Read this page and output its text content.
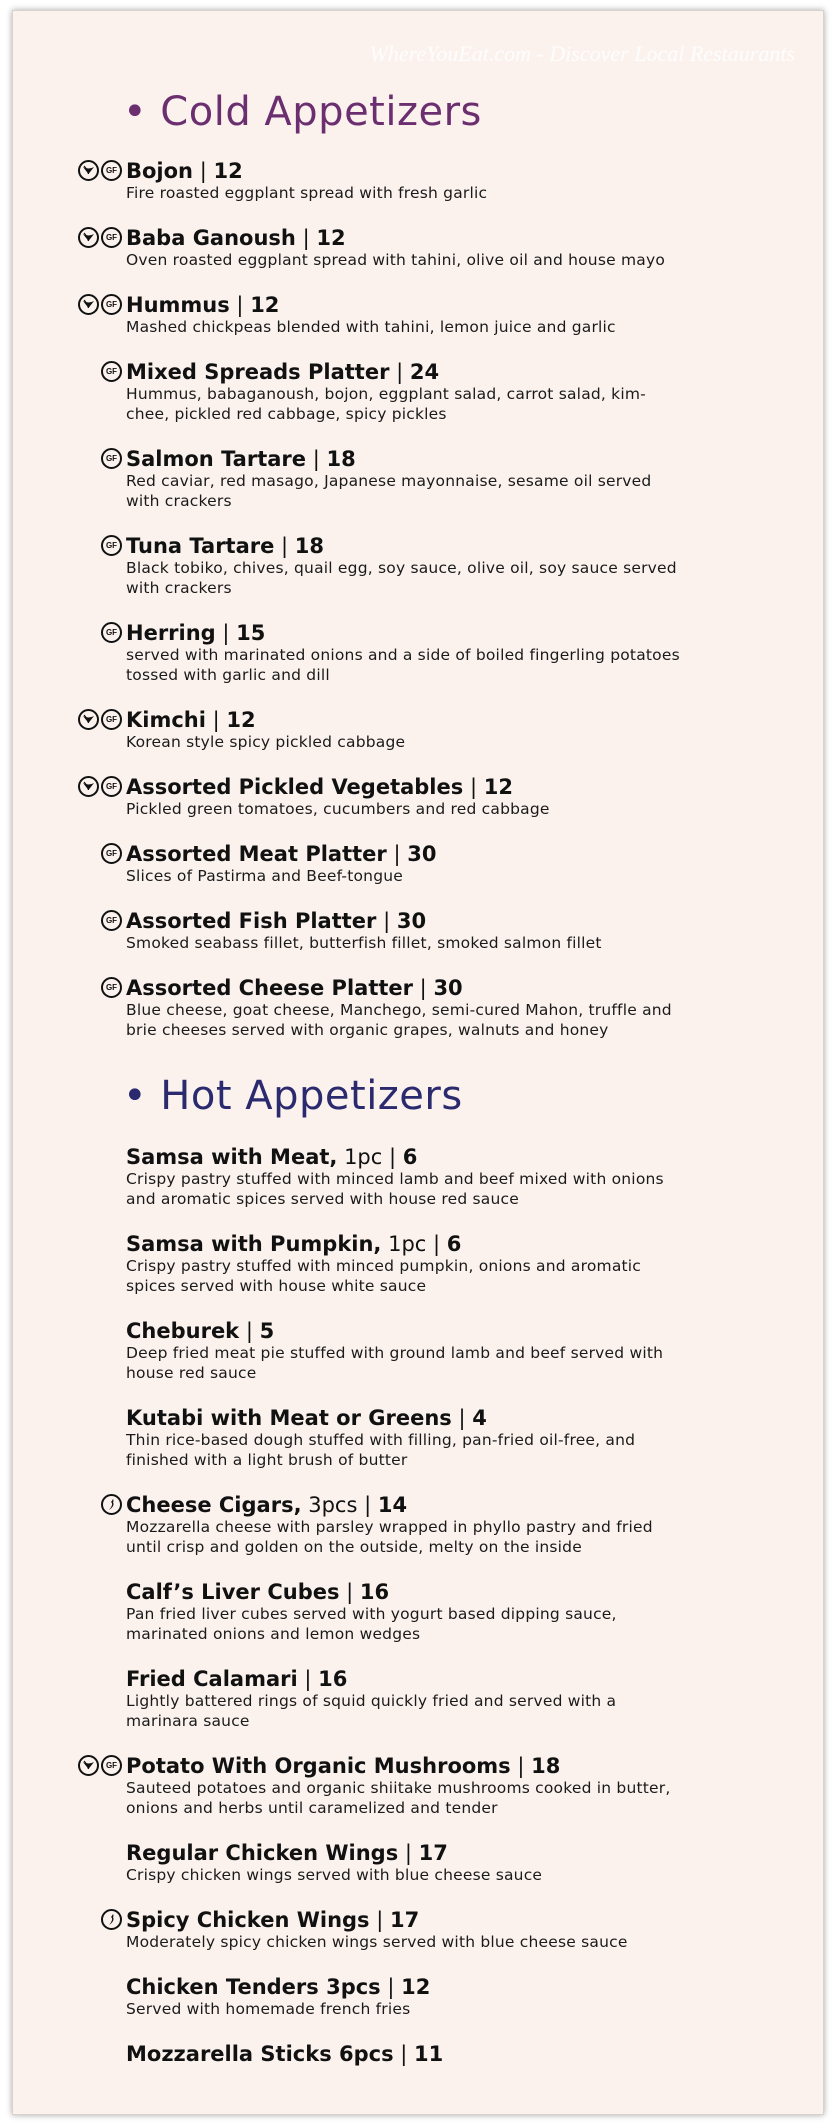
WhereYouEat.com - Discover Local Restaurants
• Cold Appetizers
GF Bojon | 12
Fire roasted eggplant spread with fresh garlic
GF Baba Ganoush | 12
Oven roasted eggplant spread with tahini, olive oil and house mayo
GF Hummus | 12
Mashed chickpeas blended with tahini, lemon juice and garlic
GF Mixed Spreads Platter | 24
Hummus, babaganoush, bojon, eggplant salad, carrot salad, kim-
chee, pickled red cabbage, spicy pickles
GF Salmon Tartare | 18
Red caviar, red masago, Japanese mayonnaise, sesame oil served
with crackers
GF Tuna Tartare | 18
Black tobiko, chives, quail egg, soy sauce, olive oil, soy sauce served
with crackers
GF Herring | 15
served with marinated onions and a side of boiled fingerling potatoes
tossed with garlic and dill
GF Kimchi | 12
Korean style spicy pickled cabbage
GF Assorted Pickled Vegetables | 12
Pickled green tomatoes, cucumbers and red cabbage
GF Assorted Meat Platter | 30
Slices of Pastirma and Beef-tongue
GF Assorted Fish Platter | 30
Smoked seabass fillet, butterfish fillet, smoked salmon fillet
GF Assorted Cheese Platter | 30
Blue cheese, goat cheese, Manchego, semi-cured Mahon, truffle and
brie cheeses served with organic grapes, walnuts and honey
• Hot Appetizers
Samsa with Meat, 1pc | 6
Crispy pastry stuffed with minced lamb and beef mixed with onions
and aromatic spices served with house red sauce
Samsa with Pumpkin, 1pc | 6
Crispy pastry stuffed with minced pumpkin, onions and aromatic
spices served with house white sauce
Cheburek | 5
Deep fried meat pie stuffed with ground lamb and beef served with
house red sauce
Kutabi with Meat or Greens | 4
Thin rice-based dough stuffed with filling, pan-fried oil-free, and
finished with a light brush of butter
Cheese Cigars, 3pcs | 14
Mozzarella cheese with parsley wrapped in phyllo pastry and fried
until crisp and golden on the outside, melty on the inside
Calf’s Liver Cubes | 16
Pan fried liver cubes served with yogurt based dipping sauce,
marinated onions and lemon wedges
Fried Calamari | 16
Lightly battered rings of squid quickly fried and served with a
marinara sauce
GF Potato With Organic Mushrooms | 18
Sauteed potatoes and organic shiitake mushrooms cooked in butter,
onions and herbs until caramelized and tender
Regular Chicken Wings | 17
Crispy chicken wings served with blue cheese sauce
Spicy Chicken Wings | 17
Moderately spicy chicken wings served with blue cheese sauce
Chicken Tenders 3pcs | 12
Served with homemade french fries
Mozzarella Sticks 6pcs | 11
